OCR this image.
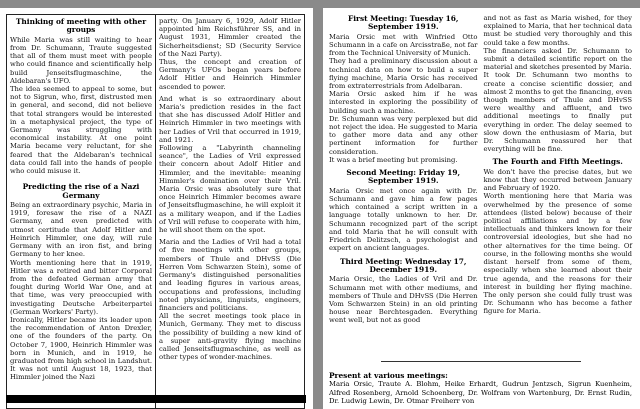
Thinking of meeting with other groups

While Maria was still waiting to hear from Dr. Schumann, Traute suggested that all of them must meet with people who could finance and scientifically help build Jenseitsflugmaschine, the Aldebaran's UFO.

The idea seemed to appeal to some, but not to Sigrun, who, first, distrusted men in general, and second, did not believe that total strangers would be interested in a metaphysical project, the type of Germany was struggling with economical instability. At one point Maria became very reluctant, for she feared that the Aldebaran's technical data could fall into the hands of people who could misuse it.

Predicting the rise of a Nazi Germany

Being an extraordinary psychic, Maria in 1919, foresaw the rise of a NAZI Germany, and even predicted with utmost certitude that Adolf Hitler and Heinrich Himmler, one day, will rule Germany with an iron fist, and bring Germany to her knee.

Worth mentioning here that in 1919, Hitler was a retired and bitter Corporal from the defeated German army that fought during World War One, and at that time, was very preoccupied with investigating Deutsche Arbeiterpartei (German Workers' Party).

Ironically, Hitler became its leader upon the recommendation of Anton Drexler, one of the founders of the party. On October 7, 1900, Heinrich Himmler was born in Munich, and in 1919, he graduated from high school in Landshut. It was not until August 18, 1923, that Himmler joined the Nazi

party. On January 6, 1929, Adolf Hitler appointed him Reichsführer SS, and in August 1931, Himmler created the Sicherheitsdienst; SD (Security Service of the Nazi Party).

Thus, the concept and creation of Germany's UFOs began years before Adolf Hitler and Heinrich Himmler ascended to power.

And what is so extraordinary about Maria's prediction resides in the fact that she has discussed Adolf Hitler and Heinrich Himmler in two meetings with her Ladies of Vril that occurred in 1919, and 1921.

Following a "Labyrinth channeling seance", the Ladies of Vril expressed their concern about Adolf Hitler and Himmler, and the inevitable: meaning Himmler's domination over their Vril. Maria Orsic was absolutely sure that once Heinrich Himmler becomes aware of Jenseitsflugmaschine, he will exploit it as a military weapon, and if the Ladies of Vril will refuse to cooperate with him, he will shoot them on the spot.

Maria and the Ladies of Vril had a total of five meetings with other groups, members of Thule and DHvSS (Die Herren Vom Schwarzen Stein), some of Germany's distinguished personalities and leading figures in various areas, occupations and professions, including noted physicians, linguists, engineers, financiers and politicians.

All the secret meetings took place in Munich, Germany. They met to discuss the possibility of building a new kind of a super anti-gravity flying machine called Jenseitsflugmaschine, as well as other types of wonder-machines.

First Meeting: Tuesday 16, September 1919.

Maria Orsic met with Winfried Otto Schumann in a cafe on Arcisstraße, not far from the Technical University of Munich.

They had a preliminary discussion about a technical data on how to build a super flying machine, Maria Orsic has received from extraterrestrials from Adelbaran.

Maria Orsic asked him if he was interested in exploring the possibility of building such a machine.

Dr. Schumann was very perplexed but did not reject the idea. He suggested to Maria to gather more data and any other pertinent information for further consideration.

It was a brief meeting but promising.

Second Meeting: Friday 19, September 1919.

Maria Orsic met once again with Dr. Schumann and gave him a few pages which contained a script written in a language totally unknown to her. Dr. Schumann recognized part of the script and told Maria that he will consult with Friedrich Delitzsch, a psychologist and expert on ancient languages.

Third Meeting: Wednesday 17, December 1919.

Maria Orsic, the Ladies of Vril and Dr. Schumann met with other mediums, and members of Thule and DHvSS (Die Herren Vom Schwarzen Stein) in an old printing house near Berchtesgaden. Everything went well, but not as good

and not as fast as Maria wished, for they explained to Maria, that her technical data must be studied very thoroughly and this could take a few months.

The financiers asked Dr. Schumann to submit a detailed scientific report on the material and sketches presented by Maria.

It took Dr. Schumann two months to create a concise scientific dossier, and almost 2 months to get the financing, even though members of Thule and DHvSS were wealthy and affluent, and two additional meetings to finally put everything in order. The delay seemed to slow down the enthusiasm of Maria, but Dr. Schumann reassured her that everything will be fine.

The Fourth and Fifth Meetings.

We don't have the precise dates, but we know that they occurred between January and February of 1920.

Worth mentioning here that Maria was overwhelmed by the presence of some attendees (listed below) because of their political affiliations and by a few intellectuals and thinkers known for their controversial ideologies, but she had no other alternatives for the time being. Of course, in the following months she would distant herself from some of them, especially when she learned about their true agenda, and the reasons for their interest in building her flying machine. The only person she could fully trust was Dr. Schumann who has become a father figure for Maria.

Present at various meetings:

Maria Orsic, Traute A. Blohm, Heike Erhardt, Gudrun Jentzsch, Sigrun Kuenheim, Alfred Rosenberg, Arnold Schoenberg, Dr. Wolfram von Wartenburg, Dr. Ernst Rudin, Dr. Ludwig Lewin, Dr. Otmar Freiherr von
